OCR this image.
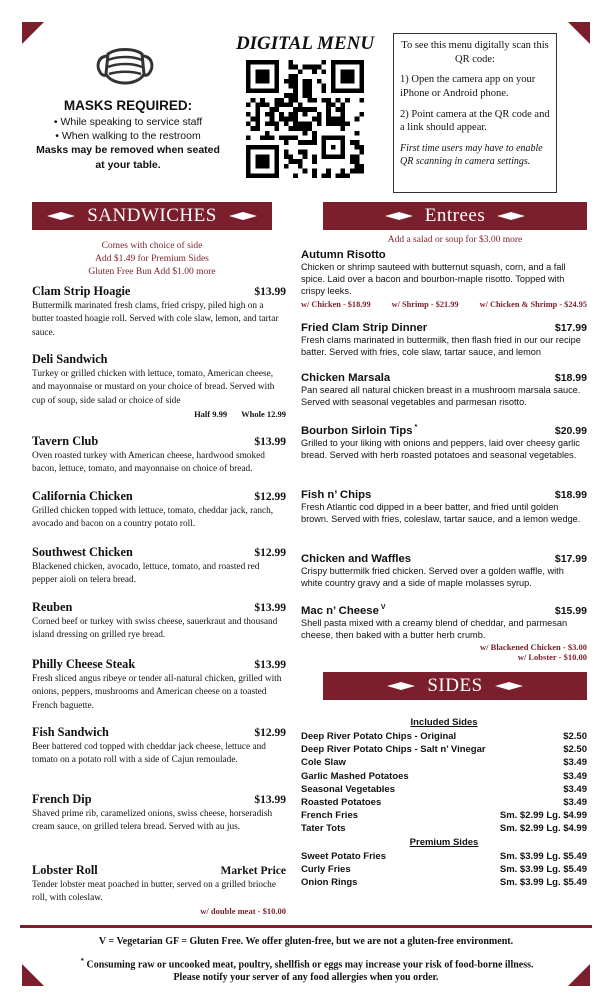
MASKS REQUIRED:
• While speaking to service staff
• When walking to the restroom
Masks may be removed when seated
at your table.
DIGITAL MENU	To see this menu digitally scan this QR code:

1) Open the camera app on your iPhone or Android phone.

2) Point camera at the QR code and a link should appear.

First time users may have to enable QR scanning in camera settings.

SANDWICHES
Comes with choice of side
Add $1.49 for Premium Sides
Gluten Free Bun Add $1.00 more
Clam Strip Hoagie	$13.99
Buttermilk marinated fresh clams, fried crispy, piled high on a butter toasted hoagie roll. Served with cole slaw, lemon, and tartar sauce.
Deli Sandwich
Turkey or grilled chicken with lettuce, tomato, American cheese, and mayonnaise or mustard on your choice of bread. Served with cup of soup, side salad or choice of side
Half 9.99 Whole 12.99
Tavern Club	$13.99
Oven roasted turkey with American cheese, hardwood smoked bacon, lettuce, tomato, and mayonnaise on choice of bread.
California Chicken	$12.99
Grilled chicken topped with lettuce, tomato, cheddar jack, ranch, avocado and bacon on a country potato roll.
Southwest Chicken	$12.99
Blackened chicken, avocado, lettuce, tomato, and roasted red pepper aioli on telera bread.
Reuben	$13.99
Corned beef or turkey with swiss cheese, sauerkraut and thousand island dressing on grilled rye bread.
Philly Cheese Steak	$13.99
Fresh sliced angus ribeye or tender all-natural chicken, grilled with onions, peppers, mushrooms and American cheese on a toasted French baguette.
Fish Sandwich	$12.99
Beer battered cod topped with cheddar jack cheese, lettuce and tomato on a potato roll with a side of Cajun remoulade.
French Dip	$13.99
Shaved prime rib, caramelized onions, swiss cheese, horseradish cream sauce, on grilled telera bread. Served with au jus.
Lobster Roll	Market Price
Tender lobster meat poached in butter, served on a grilled brioche roll, with coleslaw.
w/ double meat - $10.00
Entrees
Add a salad or soup for $3.00 more
Autumn Risotto
Chicken or shrimp sauteed with butternut squash, corn, and a fall spice. Laid over a bacon and bourbon-maple risotto. Topped with crispy leeks.
w/ Chicken - $18.99	w/ Shrimp - $21.99	w/ Chicken & Shrimp - $24.95
Fried Clam Strip Dinner	$17.99
Fresh clams marinated in buttermilk, then flash fried in our our recipe batter. Served with fries, cole slaw, tartar sauce, and lemon
Chicken Marsala	$18.99
Pan seared all natural chicken breast in a mushroom marsala sauce. Served with seasonal vegetables and parmesan risotto.
Bourbon Sirloin Tips *	$20.99
Grilled to your liking with onions and peppers, laid over cheesy garlic bread. Served with herb roasted potatoes and seasonal vegetables.
Fish n’ Chips	$18.99
Fresh Atlantic cod dipped in a beer batter, and fried until golden brown. Served with fries, coleslaw, tartar sauce, and a lemon wedge.
Chicken and Waffles	$17.99
Crispy buttermilk fried chicken. Served over a golden waffle, with white country gravy and a side of maple molasses syrup.
Mac n’ Cheese $^V$	$15.99
Shell pasta mixed with a creamy blend of cheddar, and parmesan cheese, then baked with a butter herb crumb.
w/ Blackened Chicken - $3.00
w/ Lobster - $10.00
SIDES
Included Sides
Deep River Potato Chips - Original	$2.50
Deep River Potato Chips - Salt n’ Vinegar	$2.50
Cole Slaw	$3.49
Garlic Mashed Potatoes	$3.49
Seasonal Vegetables	$3.49
Roasted Potatoes	$3.49
French Fries	Sm. $2.99 Lg. $4.99
Tater Tots	Sm. $2.99 Lg. $4.99
Premium Sides
Sweet Potato Fries	Sm. $3.99 Lg. $5.49
Curly Fries	Sm. $3.99 Lg. $5.49
Onion Rings	Sm. $3.99 Lg. $5.49
V = Vegetarian GF = Gluten Free. We offer gluten-free, but we are not a gluten-free environment.
* Consuming raw or uncooked meat, poultry, shellfish or eggs may increase your risk of food-borne illness.
Please notify your server of any food allergies when you order.
